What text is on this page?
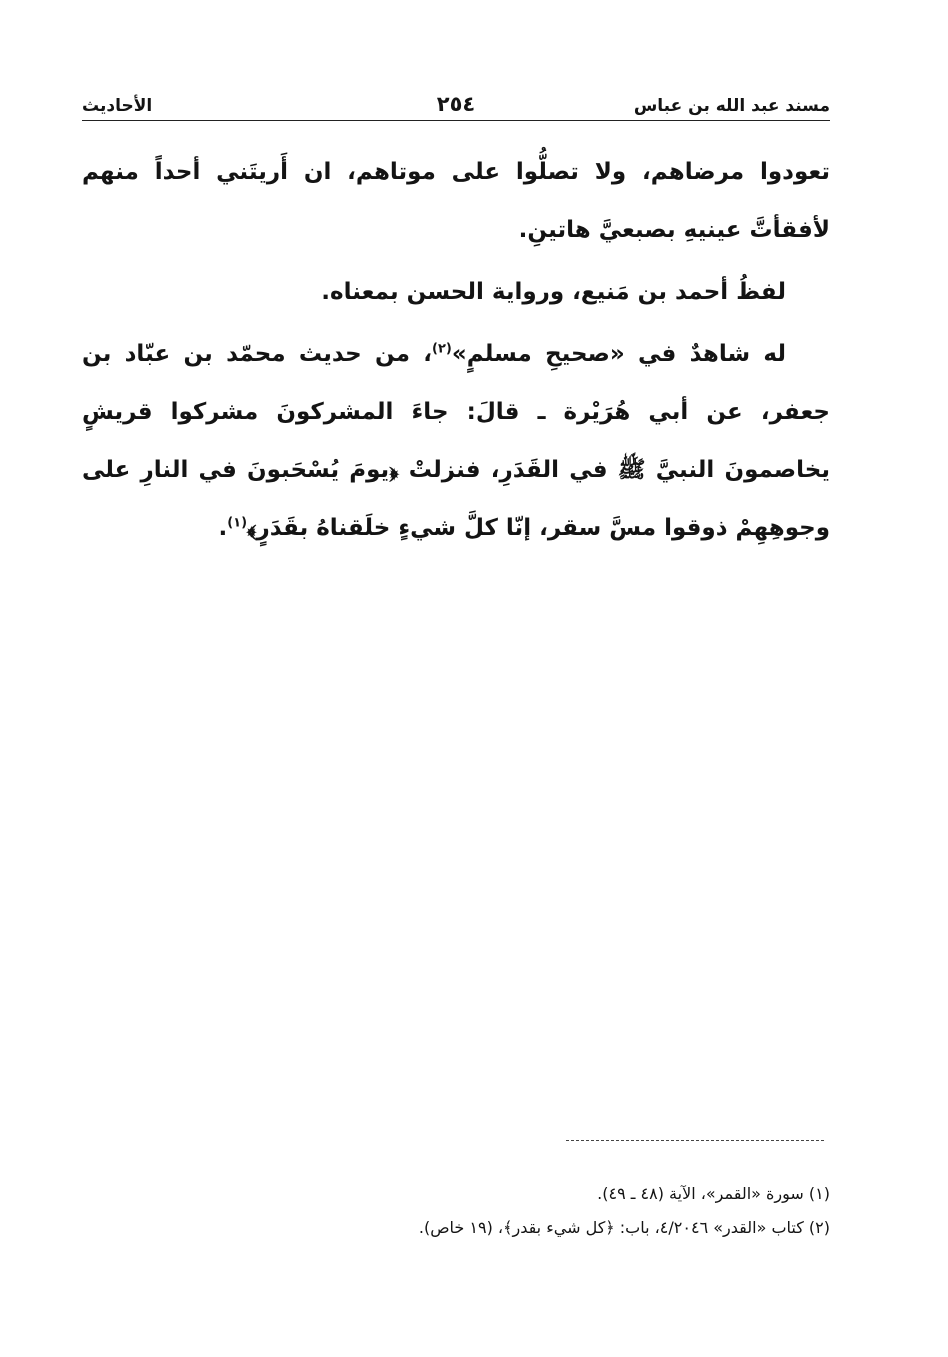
مسند عبد الله بن عباس
٢٥٤
الأحاديث

تعودوا مرضاهم، ولا تصلُّوا على موتاهم، ان أَريتَني أحداً منهم لأفقأتَّ عينيهِ بصبعيَّ هاتينِ.

لفظُ أحمد بن مَنيع، ورواية الحسن بمعناه.

له شاهدٌ في «صحيحِ مسلمٍ»$^{(٢)}$، من حديث محمّد بن عبّاد بن جعفر، عن أبي هُرَيْرة ـ قالَ: جاءَ المشركونَ مشركوا قريشٍ يخاصمونَ النبيَّ ﷺ في القَدَرِ، فنزلتْ ﴿يومَ يُسْحَبونَ في النارِ على وجوهِهِمْ ذوقوا مسَّ سقر، إنّا كلَّ شيءٍ خلَقناهُ بقَدَرٍ﴾$^{(١)}$.

(١) سورة «القمر»، الآية (٤٨ ـ ٤٩).

(٢) كتاب «القدر» ٤/٢٠٤٦، باب: ﴿كل شيء بقدر﴾، (١٩ خاص).
